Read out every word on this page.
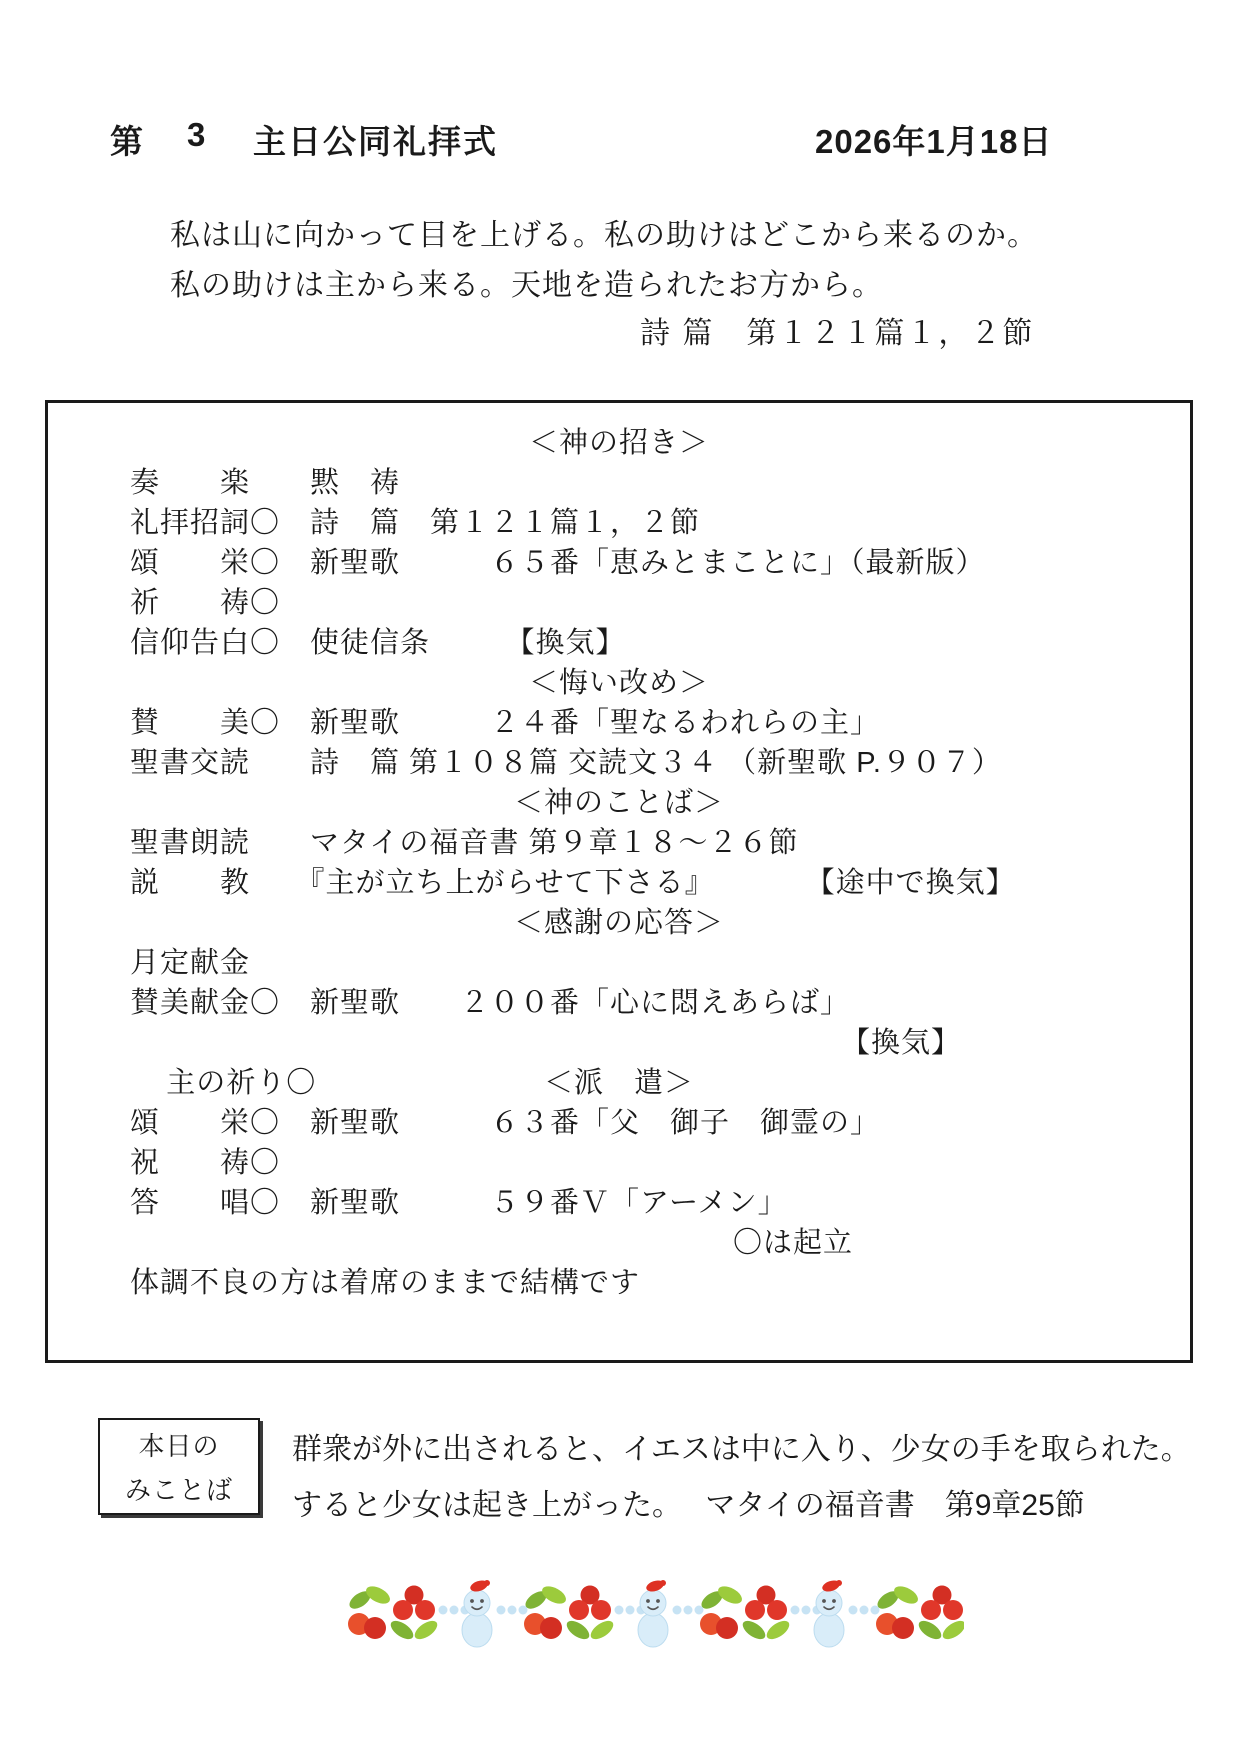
第 3 主日公同礼拝式	2026年1月18日
私は山に向かって目を上げる。私の助けはどこから来るのか。
私の助けは主から来る。天地を造られたお方から。
詩 篇　第１２１篇１，２節
＜神の招き＞
奏　　楽　　黙　祷
礼拝招詞〇　詩　篇　第１２１篇１，２節
頌　　栄〇　新聖歌　　　６５番「恵みとまことに」（最新版）
祈　　祷〇
信仰告白〇　使徒信条　　　【換気】
＜悔い改め＞
賛　　美〇　新聖歌　　　２４番「聖なるわれらの主」
聖書交読　　詩　篇 第１０８篇 交読文３４ （新聖歌 P.９０７）
＜神のことば＞
聖書朗読　　マタイの福音書 第９章１８～２６節
説　　教　　『主が立ち上がらせて下さる』　　　　【途中で換気】
＜感謝の応答＞
月定献金
賛美献金〇　新聖歌　　２００番「心に悶えあらば」

主の祈り〇

【換気】

＜派　遣＞
頌　　栄〇　新聖歌　　　６３番「父　御子　御霊の」
祝　　祷〇
答　　唱〇　新聖歌　　　５９番Ｖ「アーメン」
〇は起立
体調不良の方は着席のままで結構です
本日の
みことば
群衆が外に出されると、イエスは中に入り、少女の手を取られた。
すると少女は起き上がった。　 マタイの福音書　第9章25節
